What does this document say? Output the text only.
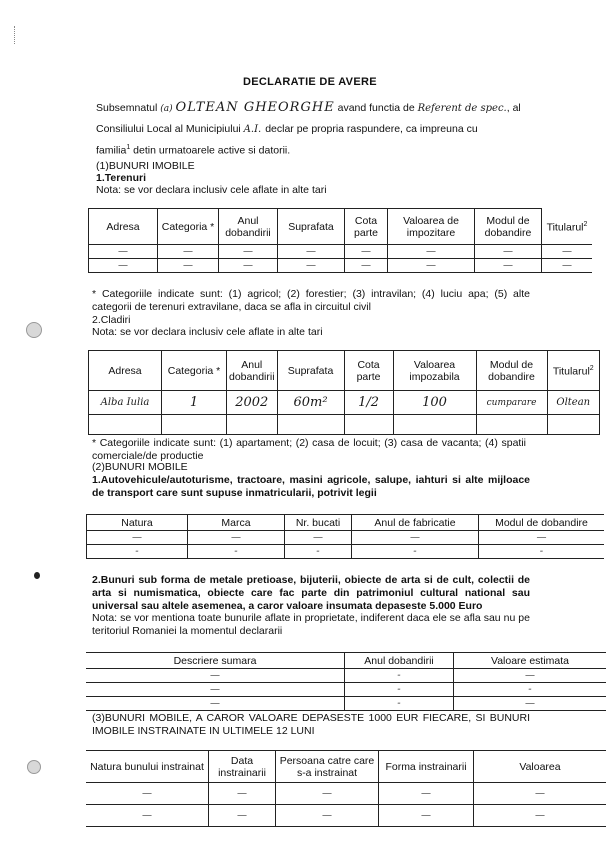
DECLARATIE DE AVERE
Subsemnatul (a) OLTEAN GHEORGHE avand functia de Referent de spec., al
Consiliului Local al Municipiului A.I. declar pe propria raspundere, ca impreuna cu
familia$^1$ detin urmatoarele active si datorii.
(1)BUNURI IMOBILE
1.Terenuri
Nota: se vor declara inclusiv cele aflate in alte tari
Adresa	Categoria *	Anul dobandirii	Suprafata	Cota parte	Valoarea de impozitare	Modul de dobandire	Titularul$^2$
—	—	—	—	—	—	—	—
—	—	—	—	—	—	—	—
* Categoriile indicate sunt: (1) agricol; (2) forestier; (3) intravilan; (4) luciu apa; (5) alte categorii de terenuri extravilane, daca se afla in circuitul civil
2.Cladiri
Nota: se vor declara inclusiv cele aflate in alte tari
Adresa	Categoria *	Anul dobandirii	Suprafata	Cota parte	Valoarea impozabila	Modul de dobandire	Titularul$^2$
Alba Iulia	1	2002	60m²	1/2	100	cumparare	Oltean

* Categoriile indicate sunt: (1) apartament; (2) casa de locuit; (3) casa de vacanta; (4) spatii comerciale/de productie
(2)BUNURI MOBILE
1.Autovehicule/autoturisme, tractoare, masini agricole, salupe, iahturi si alte mijloace de transport care sunt supuse inmatricularii, potrivit legii
Natura	Marca	Nr. bucati	Anul de fabricatie	Modul de dobandire
—	—	—	—	—
-	-	-	-	-
2.Bunuri sub forma de metale pretioase, bijuterii, obiecte de arta si de cult, colectii de arta si numismatica, obiecte care fac parte din patrimoniul cultural national sau universal sau altele asemenea, a caror valoare insumata depaseste 5.000 Euro
Nota: se vor mentiona toate bunurile aflate in proprietate, indiferent daca ele se afla sau nu pe teritoriul Romaniei la momentul declararii
Descriere sumara	Anul dobandirii	Valoare estimata
—	-	—
—	-	-
—	-	—
(3)BUNURI MOBILE, A CAROR VALOARE DEPASESTE 1000 EUR FIECARE, SI BUNURI IMOBILE INSTRAINATE IN ULTIMELE 12 LUNI
Natura bunului instrainat	Data instrainarii	Persoana catre care s-a instrainat	Forma instrainarii	Valoarea
—	—	—	—	—
—	—	—	—	—
